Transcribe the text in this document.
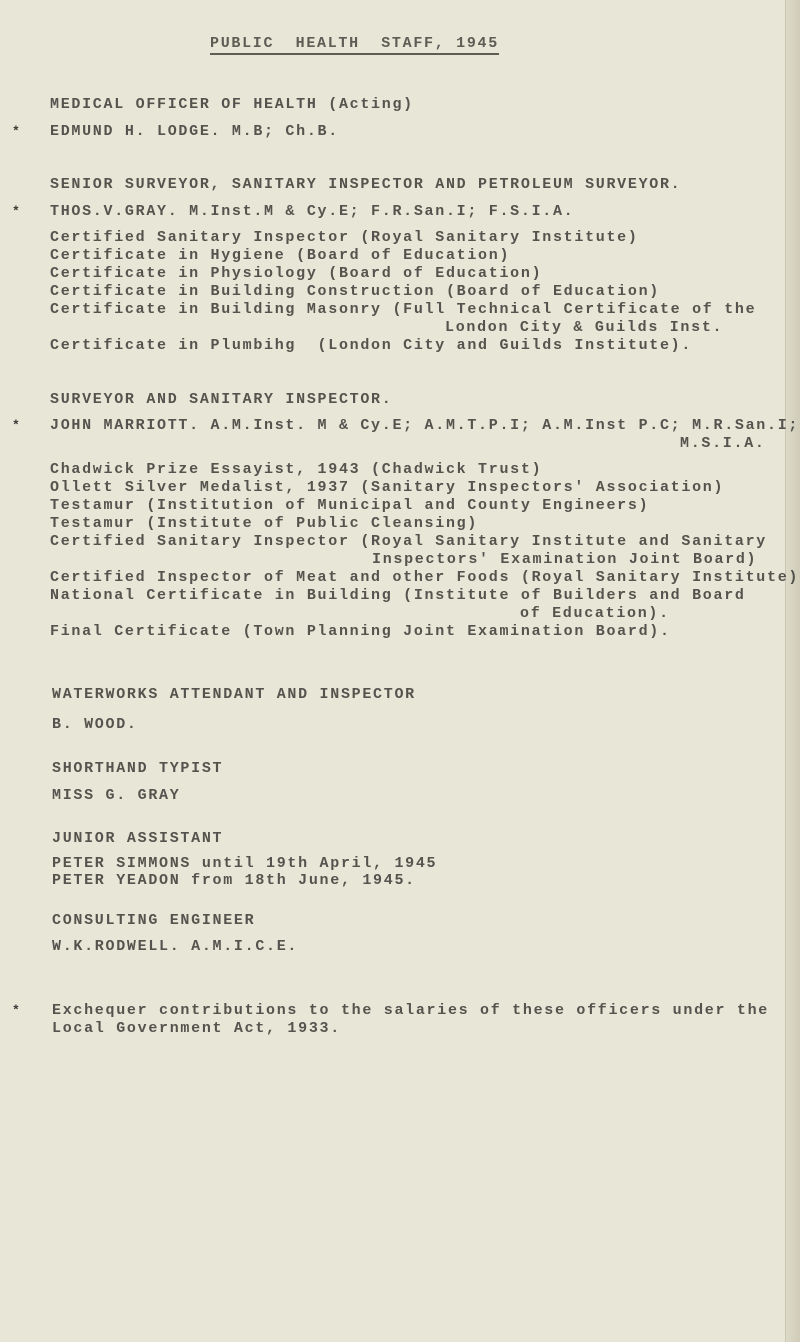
PUBLIC  HEALTH  STAFF, 1945
MEDICAL OFFICER OF HEALTH (Acting)
* EDMUND H. LODGE. M.B; Ch.B.
SENIOR SURVEYOR, SANITARY INSPECTOR AND PETROLEUM SURVEYOR.
* THOS.V.GRAY. M.Inst.M & Cy.E; F.R.San.I; F.S.I.A.
Certified Sanitary Inspector (Royal Sanitary Institute)
Certificate in Hygiene (Board of Education)
Certificate in Physiology (Board of Education)
Certificate in Building Construction (Board of Education)
Certificate in Building Masonry (Full Technical Certificate of the
London City & Guilds Inst.
Certificate in Plumbihg  (London City and Guilds Institute).
SURVEYOR AND SANITARY INSPECTOR.
* JOHN MARRIOTT. A.M.Inst. M & Cy.E; A.M.T.P.I; A.M.Inst P.C; M.R.San.I;
M.S.I.A.
Chadwick Prize Essayist, 1943 (Chadwick Trust)
Ollett Silver Medalist, 1937 (Sanitary Inspectors' Association)
Testamur (Institution of Municipal and County Engineers)
Testamur (Institute of Public Cleansing)
Certified Sanitary Inspector (Royal Sanitary Institute and Sanitary
Inspectors' Examination Joint Board)
Certified Inspector of Meat and other Foods (Royal Sanitary Institute)
National Certificate in Building (Institute of Builders and Board
of Education).
Final Certificate (Town Planning Joint Examination Board).
WATERWORKS ATTENDANT AND INSPECTOR
B. WOOD.
SHORTHAND TYPIST
MISS G. GRAY
JUNIOR ASSISTANT
PETER SIMMONS until 19th April, 1945
PETER YEADON from 18th June, 1945.
CONSULTING ENGINEER
W.K.RODWELL. A.M.I.C.E.
* Exchequer contributions to the salaries of these officers under the
Local Government Act, 1933.
